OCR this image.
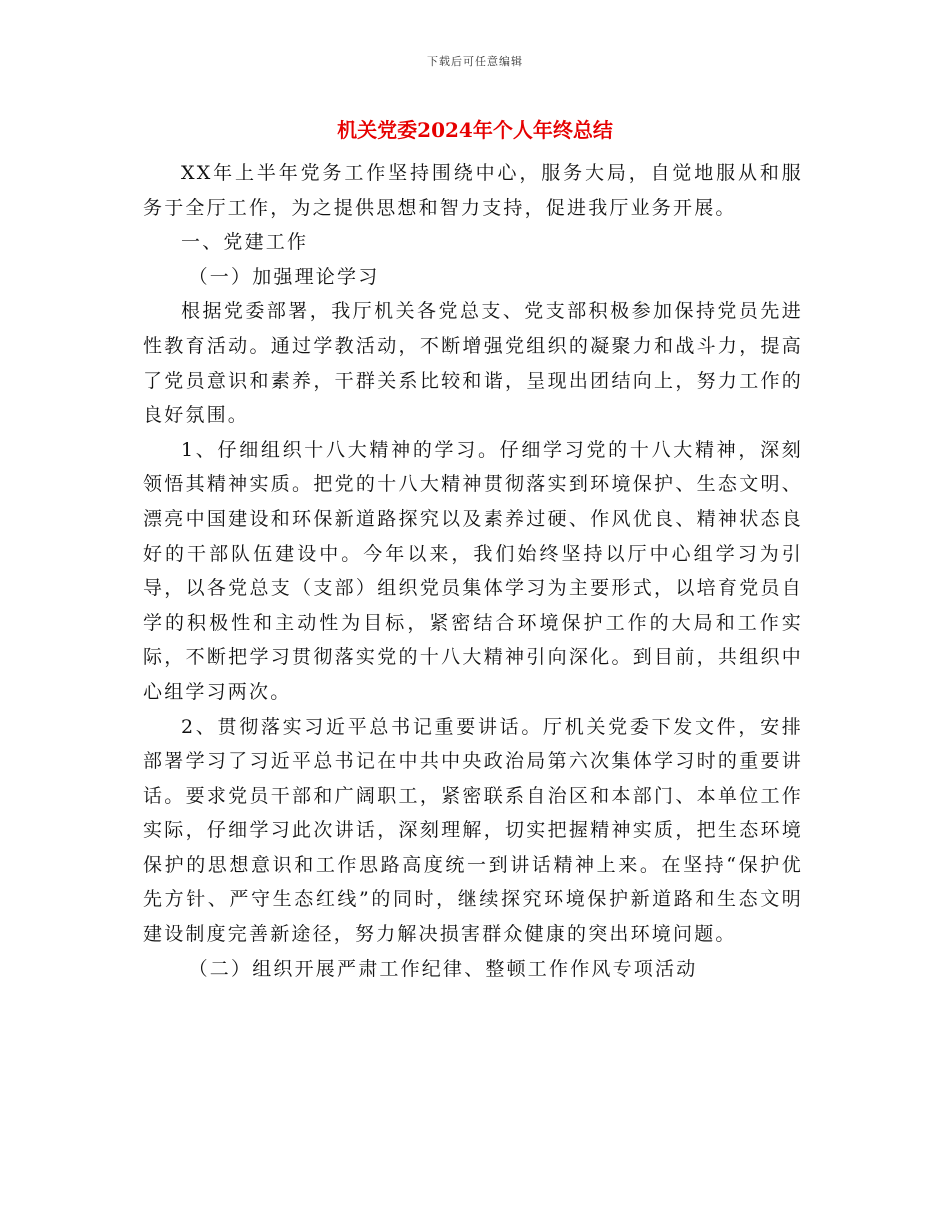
下载后可任意编辑
机关党委2024年个人年终总结

XX年上半年党务工作坚持围绕中心，服务大局，自觉地服从和服务于全厅工作，为之提供思想和智力支持，促进我厅业务开展。

一、党建工作

（一）加强理论学习

根据党委部署，我厅机关各党总支、党支部积极参加保持党员先进性教育活动。通过学教活动，不断增强党组织的凝聚力和战斗力，提高了党员意识和素养，干群关系比较和谐，呈现出团结向上，努力工作的良好氛围。

1、仔细组织十八大精神的学习。仔细学习党的十八大精神，深刻领悟其精神实质。把党的十八大精神贯彻落实到环境保护、生态文明、漂亮中国建设和环保新道路探究以及素养过硬、作风优良、精神状态良好的干部队伍建设中。今年以来，我们始终坚持以厅中心组学习为引导，以各党总支（支部）组织党员集体学习为主要形式，以培育党员自学的积极性和主动性为目标，紧密结合环境保护工作的大局和工作实际，不断把学习贯彻落实党的十八大精神引向深化。到目前，共组织中心组学习两次。

2、贯彻落实习近平总书记重要讲话。厅机关党委下发文件，安排部署学习了习近平总书记在中共中央政治局第六次集体学习时的重要讲话。要求党员干部和广阔职工，紧密联系自治区和本部门、本单位工作实际，仔细学习此次讲话，深刻理解，切实把握精神实质，把生态环境保护的思想意识和工作思路高度统一到讲话精神上来。在坚持“保护优先方针、严守生态红线”的同时，继续探究环境保护新道路和生态文明建设制度完善新途径，努力解决损害群众健康的突出环境问题。

（二）组织开展严肃工作纪律、整顿工作作风专项活动
